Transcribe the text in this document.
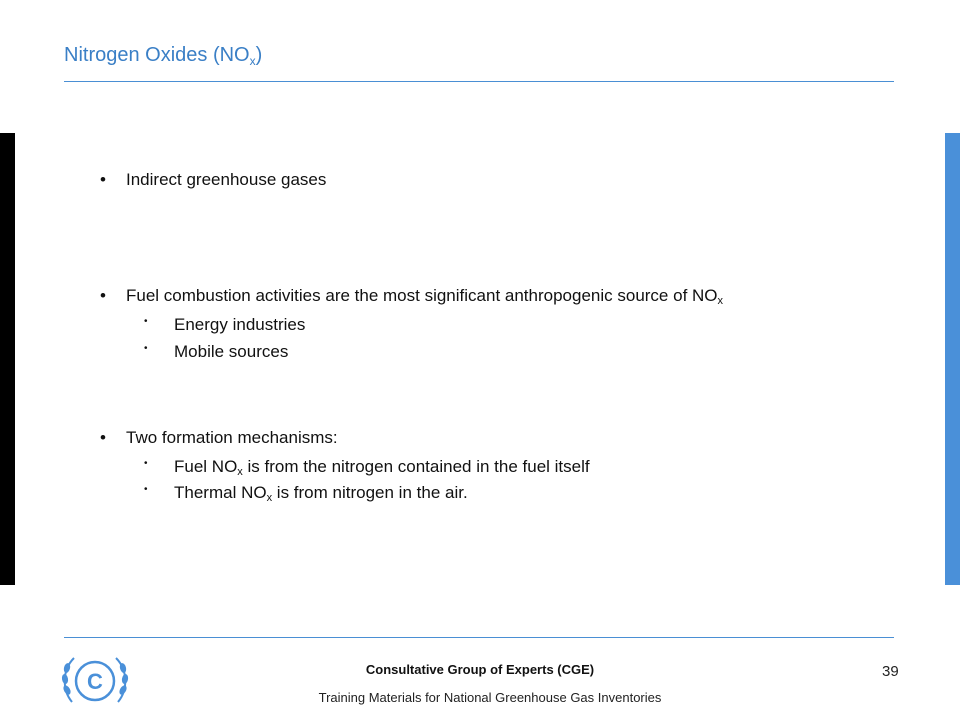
Nitrogen Oxides $(NO_x)$
• Indirect greenhouse gases
• Fuel combustion activities are the most significant anthropogenic source of $NO_x$
• Energy industries
• Mobile sources
• Two formation mechanisms:
• Fuel $NO_x$ is from the nitrogen contained in the fuel itself
• Thermal $NO_x$ is from nitrogen in the air.
C	Consultative Group of Experts (CGE)
Training Materials for National Greenhouse Gas Inventories
39
